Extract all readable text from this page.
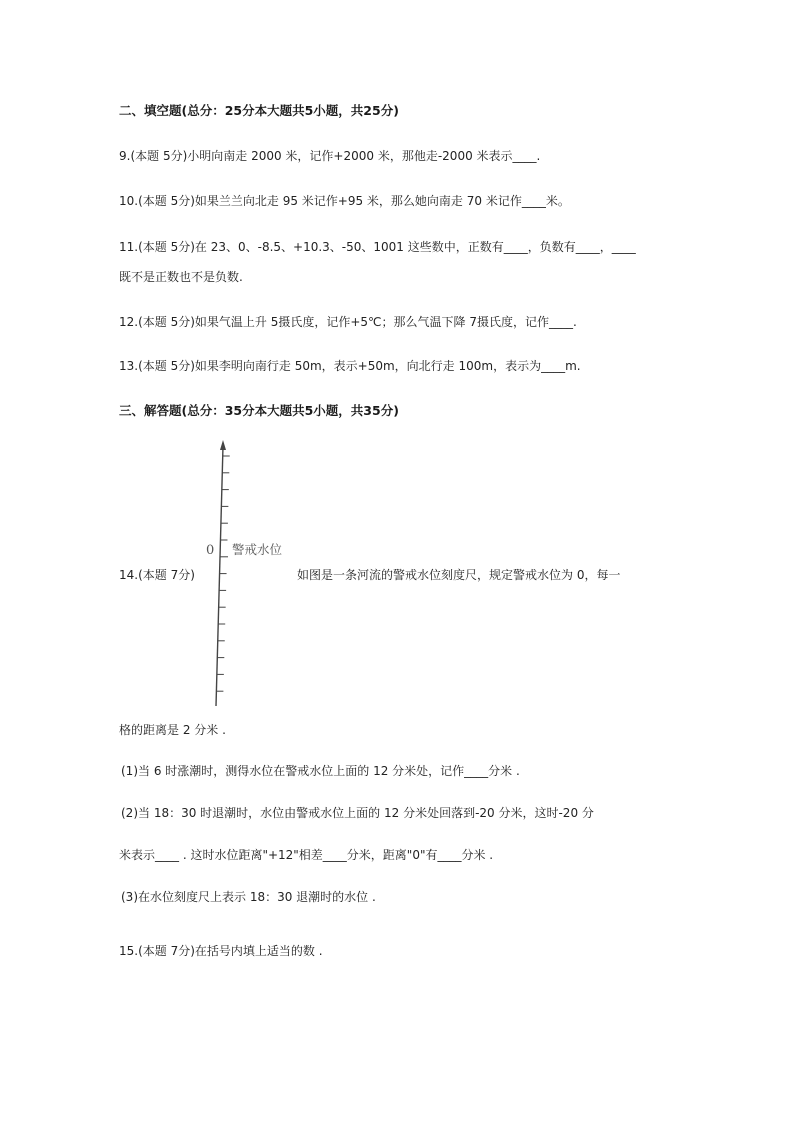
二、填空题(总分：25分本大题共5小题，共25分)
9.(本题 5分)小明向南走 2000 米，记作+2000 米，那他走-2000 米表示____.
10.(本题 5分)如果兰兰向北走 95 米记作+95 米，那么她向南走 70 米记作____米。
11.(本题 5分)在 23、0、-8.5、+10.3、-50、1001 这些数中，正数有____，负数有____，____
既不是正数也不是负数.
12.(本题 5分)如果气温上升 5摄氏度，记作+5℃；那么气温下降 7摄氏度，记作____.
13.(本题 5分)如果李明向南行走 50m，表示+50m，向北行走 100m，表示为____m.
三、解答题(总分：35分本大题共5小题，共35分)
0 警戒水位
14.(本题 7分)	如图是一条河流的警戒水位刻度尺，规定警戒水位为 0，每一
格的距离是 2 分米 .
(1)当 6 时涨潮时，测得水位在警戒水位上面的 12 分米处，记作____分米 .
(2)当 18：30 时退潮时，水位由警戒水位上面的 12 分米处回落到-20 分米，这时-20 分
米表示____ . 这时水位距离"+12"相差____分米，距离"0"有____分米 .
(3)在水位刻度尺上表示 18：30 退潮时的水位 .
15.(本题 7分)在括号内填上适当的数 .
